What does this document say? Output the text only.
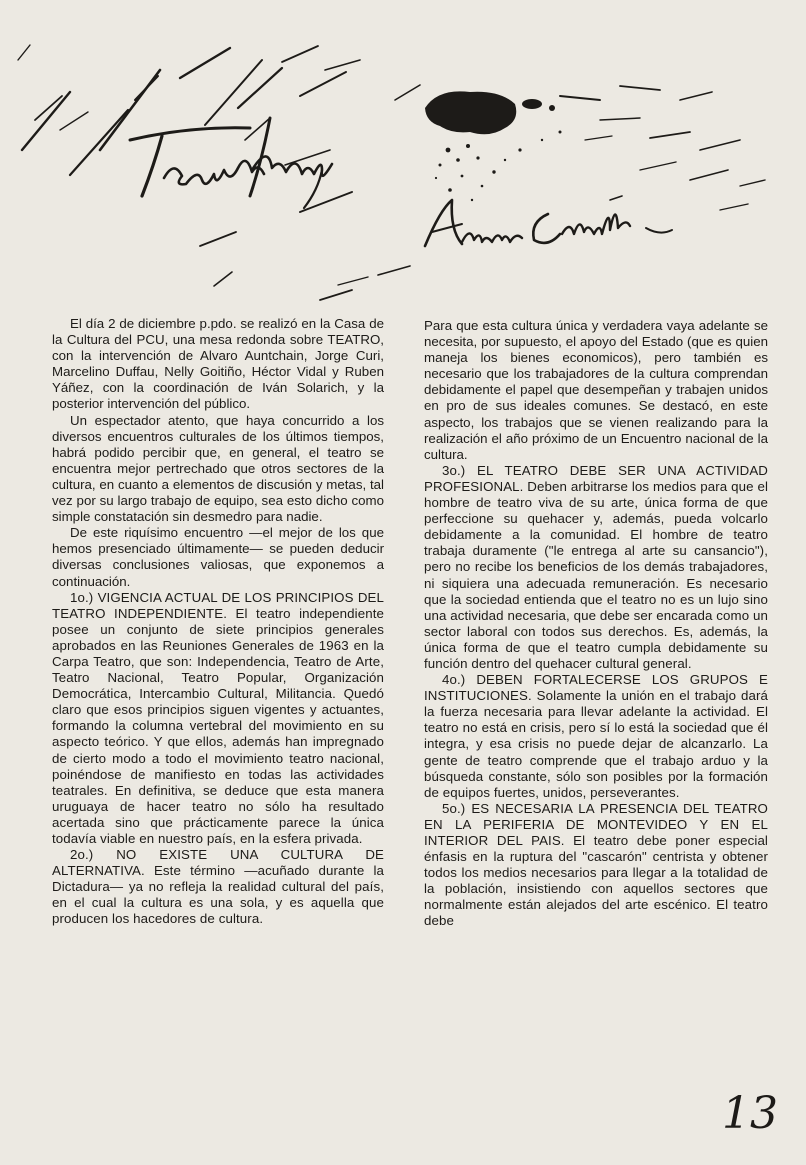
El día 2 de diciembre p.pdo. se realizó en la Casa de la Cultura del PCU, una mesa redonda sobre TEATRO, con la intervención de Alvaro Auntchain, Jorge Curi, Marcelino Duffau, Nelly Goitiño, Héctor Vidal y Ruben Yáñez, con la coordinación de Iván Solarich, y la posterior intervención del público.

Un espectador atento, que haya concurrido a los diversos encuentros culturales de los últimos tiempos, habrá podido percibir que, en general, el teatro se encuentra mejor pertrechado que otros sectores de la cultura, en cuanto a elementos de discusión y metas, tal vez por su largo trabajo de equipo, sea esto dicho como simple constatación sin desmedro para nadie.

De este riquísimo encuentro —el mejor de los que hemos presenciado últimamente— se pueden deducir diversas conclusiones valiosas, que exponemos a continuación.

1o.) VIGENCIA ACTUAL DE LOS PRINCIPIOS DEL TEATRO INDEPENDIENTE. El teatro independiente posee un conjunto de siete principios generales aprobados en las Reuniones Generales de 1963 en la Carpa Teatro, que son: Independencia, Teatro de Arte, Teatro Nacional, Teatro Popular, Organización Democrática, Intercambio Cultural, Militancia. Quedó claro que esos principios siguen vigentes y actuantes, formando la columna vertebral del movimiento en su aspecto teórico. Y que ellos, además han impregnado de cierto modo a todo el movimiento teatro nacional, poinéndose de manifiesto en todas las actividades teatrales. En definitiva, se deduce que esta manera uruguaya de hacer teatro no sólo ha resultado acertada sino que prácticamente parece la única todavía viable en nuestro país, en la esfera privada.

2o.) NO EXISTE UNA CULTURA DE ALTERNATIVA. Este término —acuñado durante la Dictadura— ya no refleja la realidad cultural del país, en el cual la cultura es una sola, y es aquella que producen los hacedores de cultura.

Para que esta cultura única y verdadera vaya adelante se necesita, por supuesto, el apoyo del Estado (que es quien maneja los bienes economicos), pero también es necesario que los trabajadores de la cultura comprendan debidamente el papel que desempeñan y trabajen unidos en pro de sus ideales comunes. Se destacó, en este aspecto, los trabajos que se vienen realizando para la realización el año próximo de un Encuentro nacional de la cultura.

3o.) EL TEATRO DEBE SER UNA ACTIVIDAD PROFESIONAL. Deben arbitrarse los medios para que el hombre de teatro viva de su arte, única forma de que perfeccione su quehacer y, además, pueda volcarlo debidamente a la comunidad. El hombre de teatro trabaja duramente ("le entrega al arte su cansancio"), pero no recibe los beneficios de los demás trabajadores, ni siquiera una adecuada remuneración. Es necesario que la sociedad entienda que el teatro no es un lujo sino una actividad necesaria, que debe ser encarada como un sector laboral con todos sus derechos. Es, además, la única forma de que el teatro cumpla debidamente su función dentro del quehacer cultural general.

4o.) DEBEN FORTALECERSE LOS GRUPOS E INSTITUCIONES. Solamente la unión en el trabajo dará la fuerza necesaria para llevar adelante la actividad. El teatro no está en crisis, pero sí lo está la sociedad que él integra, y esa crisis no puede dejar de alcanzarlo. La gente de teatro comprende que el trabajo arduo y la búsqueda constante, sólo son posibles por la formación de equipos fuertes, unidos, perseverantes.

5o.) ES NECESARIA LA PRESENCIA DEL TEATRO EN LA PERIFERIA DE MONTEVIDEO Y EN EL INTERIOR DEL PAIS. El teatro debe poner especial énfasis en la ruptura del "cascarón" centrista y obtener todos los medios necesarios para llegar a la totalidad de la población, insistiendo con aquellos sectores que normalmente están alejados del arte escénico. El teatro debe

13
